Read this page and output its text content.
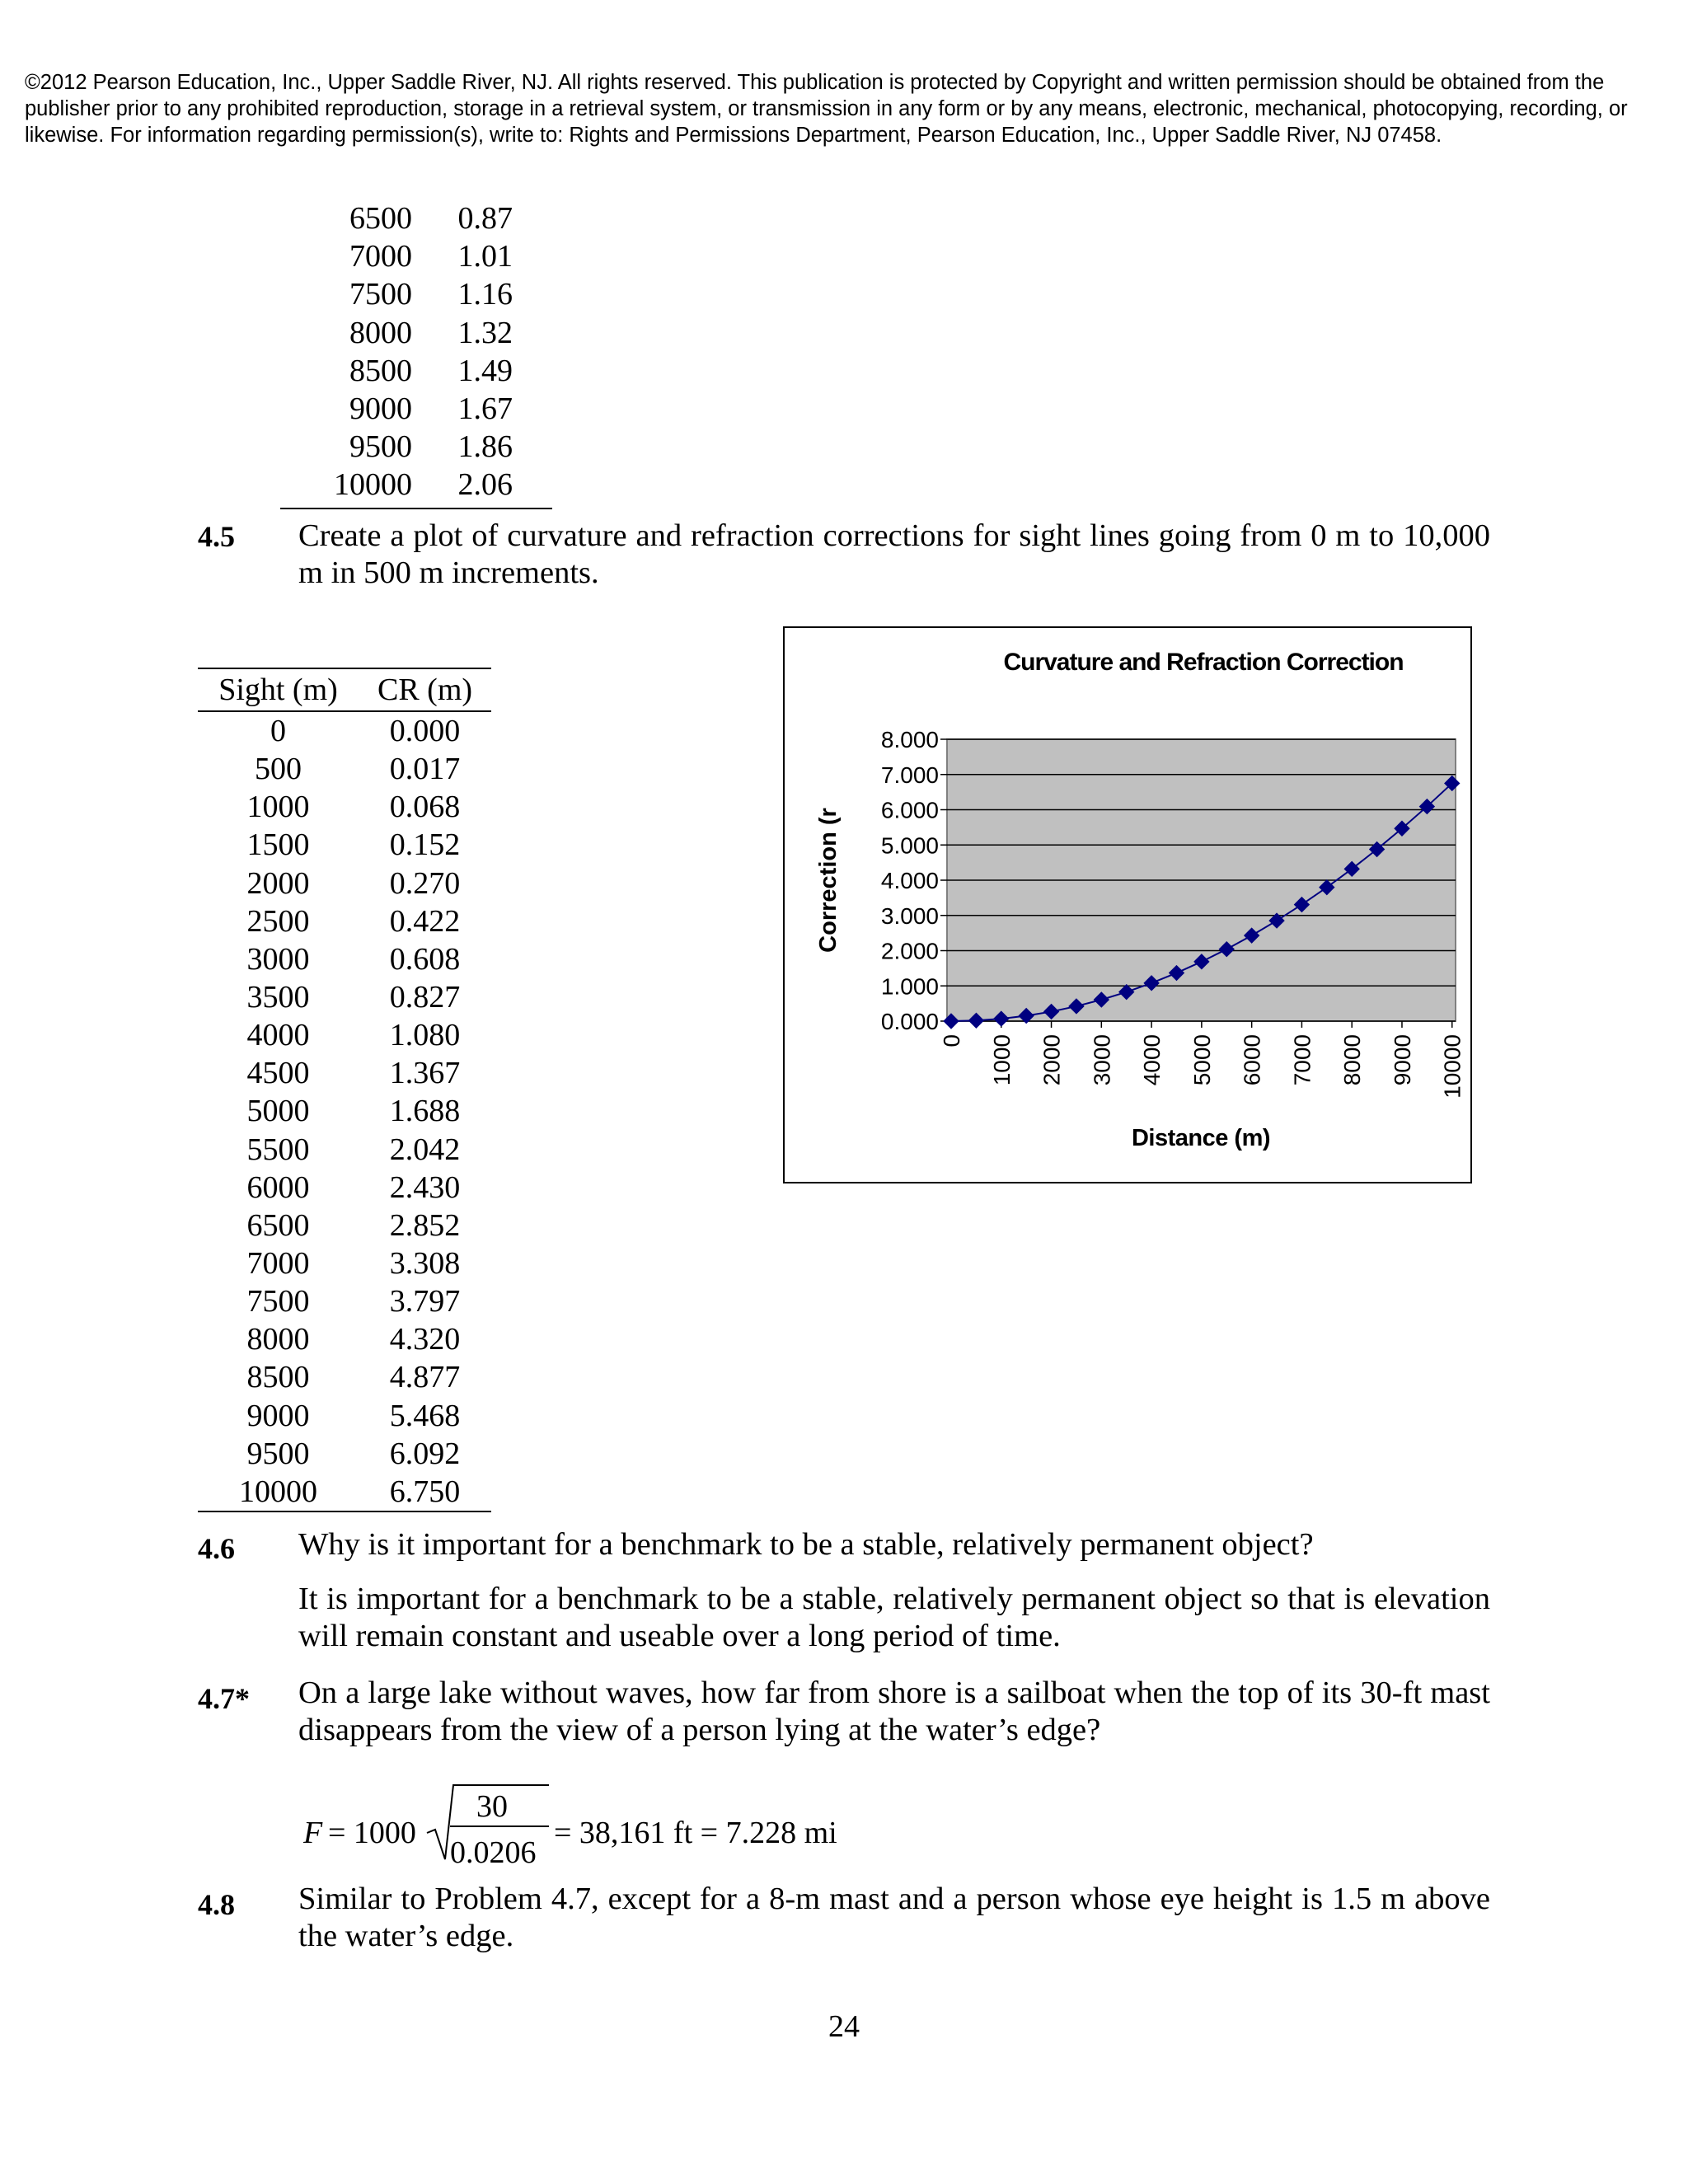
©2012 Pearson Education, Inc., Upper Saddle River, NJ. All rights reserved. This publication is protected by Copyright and written permission should be obtained from the publisher prior to any prohibited reproduction, storage in a retrieval system, or transmission in any form or by any means, electronic, mechanical, photocopying, recording, or likewise. For information regarding permission(s), write to: Rights and Permissions Department, Pearson Education, Inc., Upper Saddle River, NJ 07458.
6500	0.87
7000	1.01
7500	1.16
8000	1.32
8500	1.49
9000	1.67
9500	1.86
10000	2.06
4.5 Create a plot of curvature and refraction corrections for sight lines going from 0 m to 10,000 m in 500 m increments.
Sight (m)	CR (m)
0	0.000
500	0.017
1000	0.068
1500	0.152
2000	0.270
2500	0.422
3000	0.608
3500	0.827
4000	1.080
4500	1.367
5000	1.688
5500	2.042
6000	2.430
6500	2.852
7000	3.308
7500	3.797
8000	4.320
8500	4.877
9000	5.468
9500	6.092
10000	6.750
Curvature and Refraction Correction
0.000
1.000
2.000
3.000
4.000
5.000
6.000
7.000
8.000
Correction (r
0 1000 2000 3000 4000 5000 6000 7000 8000 9000 10000
Distance (m)
4.6 Why is it important for a benchmark to be a stable, relatively permanent object?
It is important for a benchmark to be a stable, relatively permanent object so that is elevation will remain constant and useable over a long period of time.
4.7* On a large lake without waves, how far from shore is a sailboat when the top of its 30-ft mast disappears from the view of a person lying at the water’s edge?
F = 1000
30
0.0206
= 38,161 ft = 7.228 mi
4.8 Similar to Problem 4.7, except for a 8-m mast and a person whose eye height is 1.5 m above the water’s edge.
24
